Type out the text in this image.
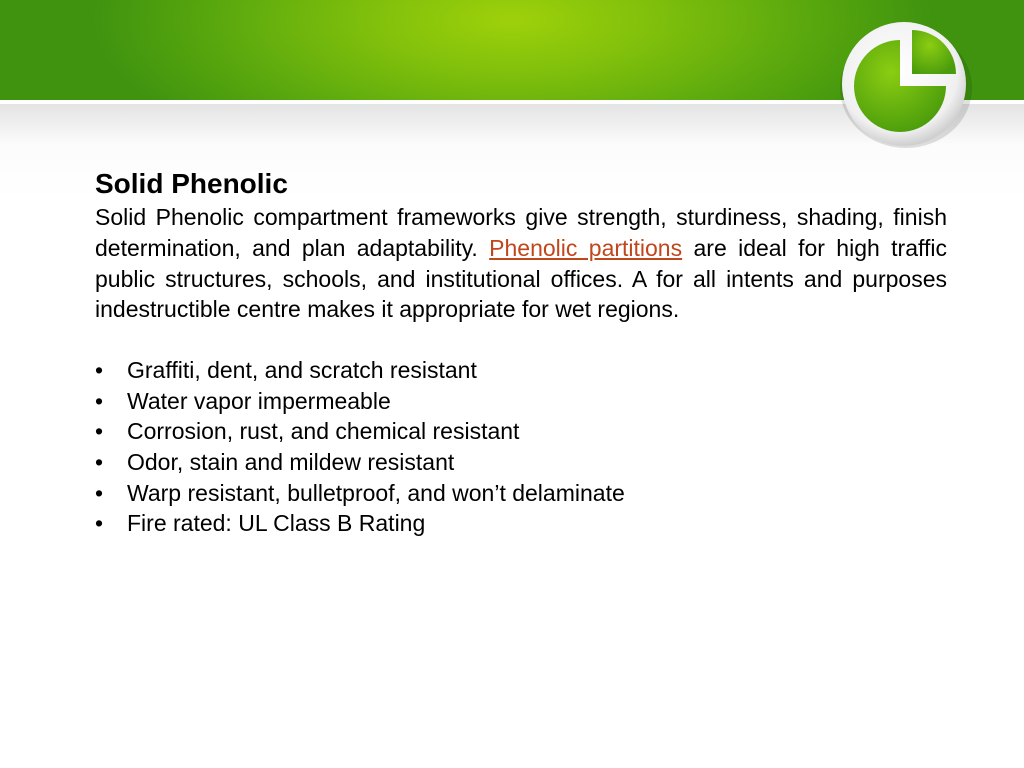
Solid Phenolic

Solid Phenolic compartment frameworks give strength, sturdiness, shading, finish determination, and plan adaptability. Phenolic partitions are ideal for high traffic public structures, schools, and institutional offices. A for all intents and purposes indestructible centre makes it appropriate for wet regions.

• Graffiti, dent, and scratch resistant
• Water vapor impermeable
• Corrosion, rust, and chemical resistant
• Odor, stain and mildew resistant
• Warp resistant, bulletproof, and won’t delaminate
• Fire rated: UL Class B Rating
